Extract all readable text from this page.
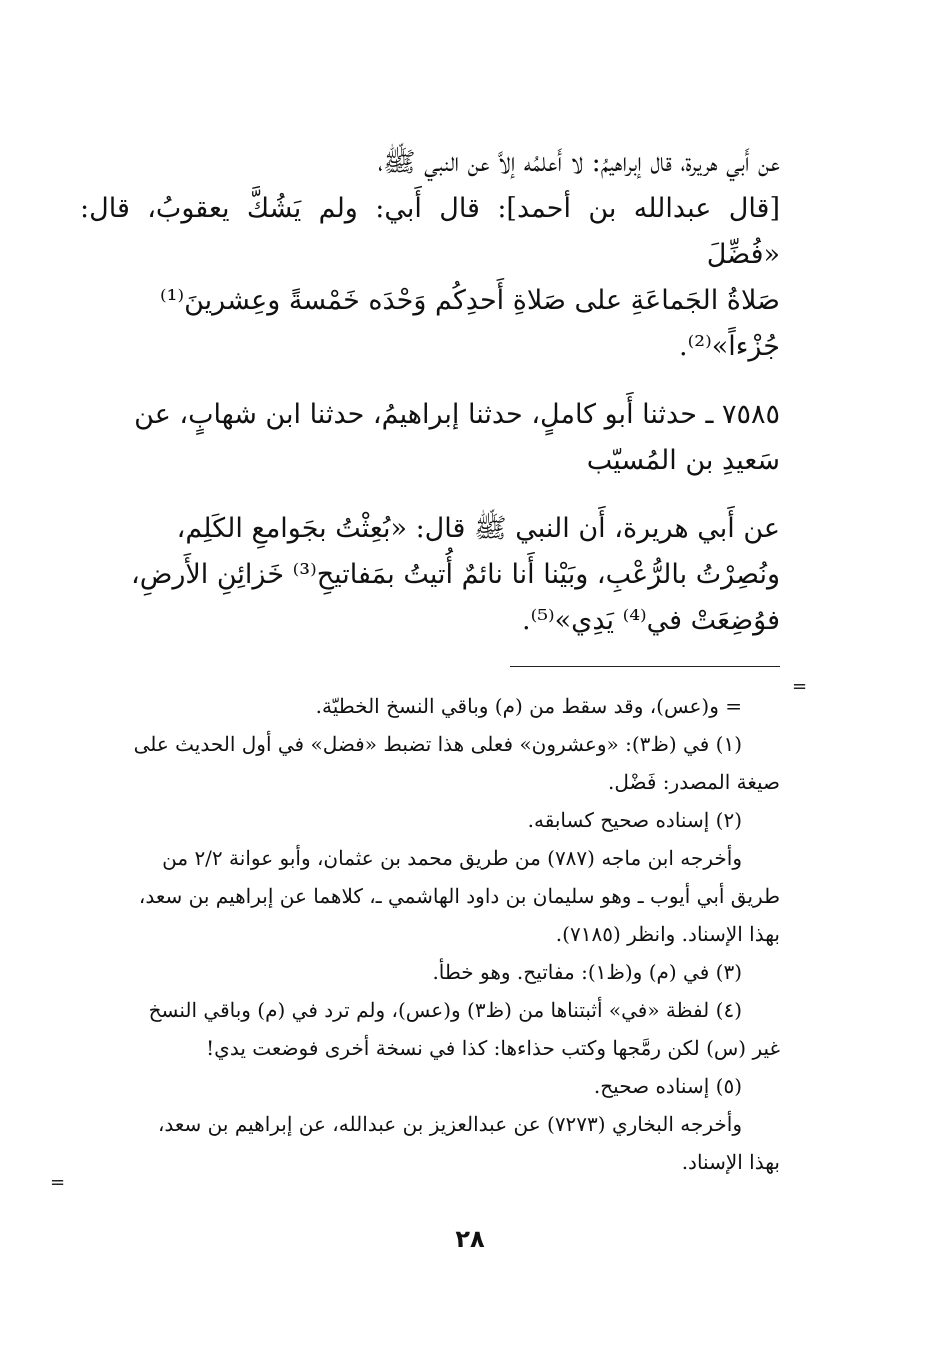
=
=

عن أَبي هريرة، قال إبراهيمُ: لا أَعلمُه إلاَّ عن النبي ﷺ،

[قال عبدالله بن أحمد]: قال أَبي: ولم يَشُكَّ يعقوبُ، قال: «فُضِّلَ

صَلاةُ الجَماعَةِ على صَلاةِ أَحدِكُم وَحْدَه خَمْسةً وعِشرينَ⁽¹⁾

جُزْءاً»⁽²⁾.

٧٥٨٥ ـ حدثنا أَبو كاملٍ، حدثنا إبراهيمُ، حدثنا ابن شهابٍ، عن

سَعيدِ بن المُسيّب

عن أَبي هريرة، أَن النبي ﷺ قال: «بُعِثْتُ بجَوامعِ الكَلِم،

ونُصِرْتُ بالرُّعْبِ، وبَيْنا أَنا نائمٌ أُتيتُ بمَفاتيحِ⁽³⁾ خَزائِنِ الأَرضِ،

فوُضِعَتْ في⁽⁴⁾ يَدِي»⁽⁵⁾.

= و(عس)، وقد سقط من (م) وباقي النسخ الخطيّة.

(١) في (ظ٣): «وعشرون» فعلى هذا تضبط «فضل» في أول الحديث على

صيغة المصدر: فَضْل.

(٢) إسناده صحيح كسابقه.

وأخرجه ابن ماجه (٧٨٧) من طريق محمد بن عثمان، وأبو عوانة ٢/٢ من

طريق أبي أيوب ـ وهو سليمان بن داود الهاشمي ـ، كلاهما عن إبراهيم بن سعد،

بهذا الإسناد. وانظر (٧١٨٥).

(٣) في (م) و(ظ١): مفاتيح. وهو خطأ.

(٤) لفظة «في» أثبتناها من (ظ٣) و(عس)، ولم ترد في (م) وباقي النسخ

غير (س) لكن رمَّجها وكتب حذاءها: كذا في نسخة أخرى فوضعت يدي!

(٥) إسناده صحيح.

وأخرجه البخاري (٧٢٧٣) عن عبدالعزيز بن عبدالله، عن إبراهيم بن سعد،

بهذا الإسناد.

٢٨
